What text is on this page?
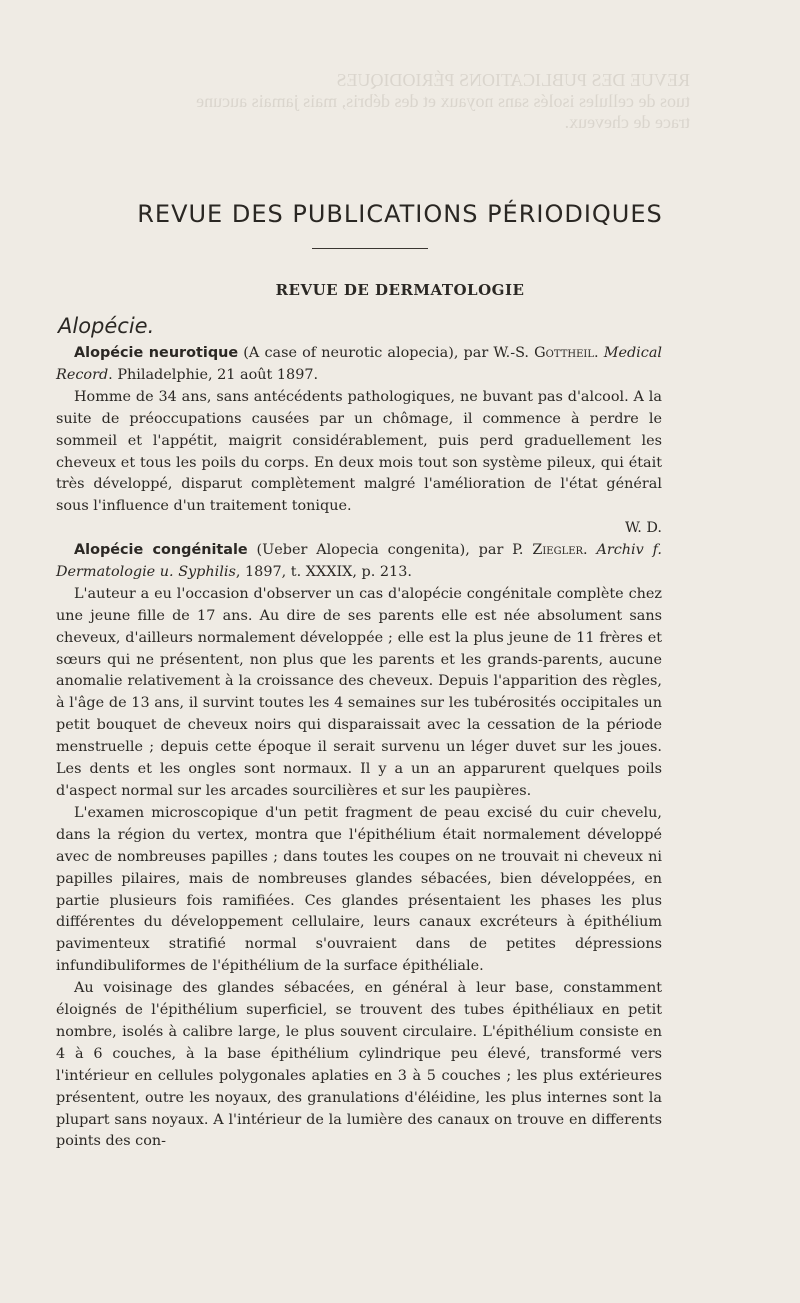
REVUE DES PUBLICATIONS PÉRIODIQUES
tuos de cellules isolés sans noyaux et des débris, mais jamais aucune
trace de cheveux.
REVUE DES PUBLICATIONS PÉRIODIQUES
REVUE DE DERMATOLOGIE
Alopécie.

Alopécie neurotique (A case of neurotic alopecia), par W.-S. Gottheil. Medical Record. Philadelphie, 21 août 1897.

Homme de 34 ans, sans antécédents pathologiques, ne buvant pas d'alcool. A la suite de préoccupations causées par un chômage, il commence à perdre le sommeil et l'appétit, maigrit considérablement, puis perd graduellement les cheveux et tous les poils du corps. En deux mois tout son système pileux, qui était très développé, disparut complètement malgré l'amélioration de l'état général sous l'influence d'un traitement tonique.

W. D.

Alopécie congénitale (Ueber Alopecia congenita), par P. Ziegler. Archiv f. Dermatologie u. Syphilis, 1897, t. XXXIX, p. 213.

L'auteur a eu l'occasion d'observer un cas d'alopécie congénitale complète chez une jeune fille de 17 ans. Au dire de ses parents elle est née absolument sans cheveux, d'ailleurs normalement développée ; elle est la plus jeune de 11 frères et sœurs qui ne présentent, non plus que les parents et les grands-parents, aucune anomalie relativement à la croissance des cheveux. Depuis l'apparition des règles, à l'âge de 13 ans, il survint toutes les 4 semaines sur les tubérosités occipitales un petit bouquet de cheveux noirs qui disparaissait avec la cessation de la période menstruelle ; depuis cette époque il serait survenu un léger duvet sur les joues. Les dents et les ongles sont normaux. Il y a un an apparurent quelques poils d'aspect normal sur les arcades sourcilières et sur les paupières.

L'examen microscopique d'un petit fragment de peau excisé du cuir chevelu, dans la région du vertex, montra que l'épithélium était normalement développé avec de nombreuses papilles ; dans toutes les coupes on ne trouvait ni cheveux ni papilles pilaires, mais de nombreuses glandes sébacées, bien développées, en partie plusieurs fois ramifiées. Ces glandes présentaient les phases les plus différentes du développement cellulaire, leurs canaux excréteurs à épithélium pavimenteux stratifié normal s'ouvraient dans de petites dépressions infundibuliformes de l'épithélium de la surface épithéliale.

Au voisinage des glandes sébacées, en général à leur base, constamment éloignés de l'épithélium superficiel, se trouvent des tubes épithéliaux en petit nombre, isolés à calibre large, le plus souvent circulaire. L'épithélium consiste en 4 à 6 couches, à la base épithélium cylindrique peu élevé, transformé vers l'intérieur en cellules polygonales aplaties en 3 à 5 couches ; les plus extérieures présentent, outre les noyaux, des granulations d'éléidine, les plus internes sont la plupart sans noyaux. A l'intérieur de la lumière des canaux on trouve en differents points des con-
